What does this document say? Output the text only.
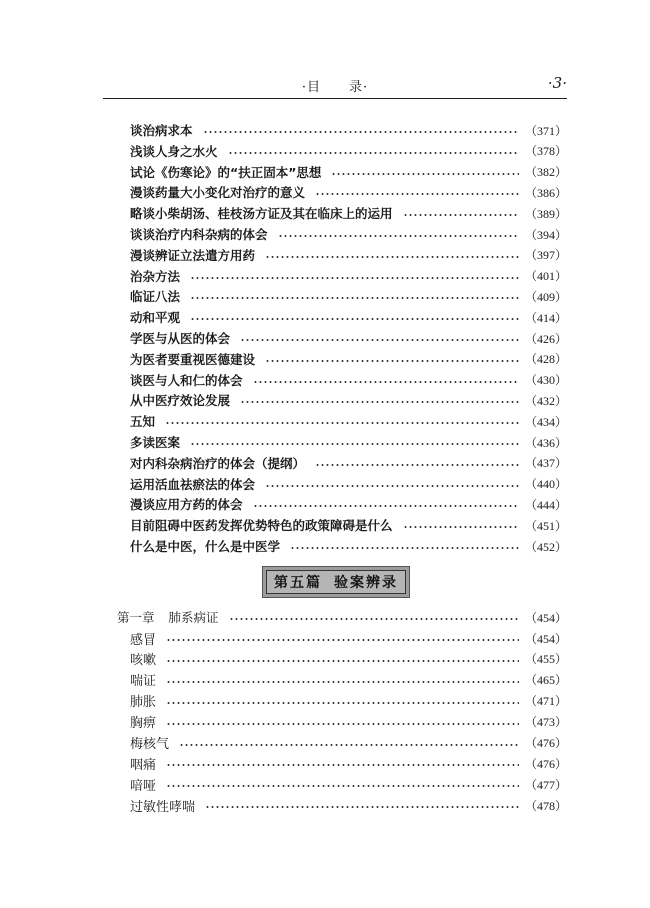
·目　　录·	·3·
谈治病求本	（371）
浅谈人身之水火	（378）
试论《伤寒论》的“扶正固本”思想	（382）
漫谈药量大小变化对治疗的意义	（386）
略谈小柴胡汤、桂枝汤方证及其在临床上的运用	（389）
谈谈治疗内科杂病的体会	（394）
漫谈辨证立法遣方用药	（397）
治杂方法	（401）
临证八法	（409）
动和平观	（414）
学医与从医的体会	（426）
为医者要重视医德建设	（428）
谈医与人和仁的体会	（430）
从中医疗效论发展	（432）
五知	（434）
多读医案	（436）
对内科杂病治疗的体会（提纲）	（437）
运用活血祛瘀法的体会	（440）
漫谈应用方药的体会	（444）
目前阻碍中医药发挥优势特色的政策障碍是什么	（451）
什么是中医，什么是中医学	（452）
第五篇 验案辨录
第一章 肺系病证	（454）
感冒	（454）
咳嗽	（455）
喘证	（465）
肺胀	（471）
胸痹	（473）
梅核气	（476）
咽痛	（476）
喑哑	（477）
过敏性哮喘	（478）
